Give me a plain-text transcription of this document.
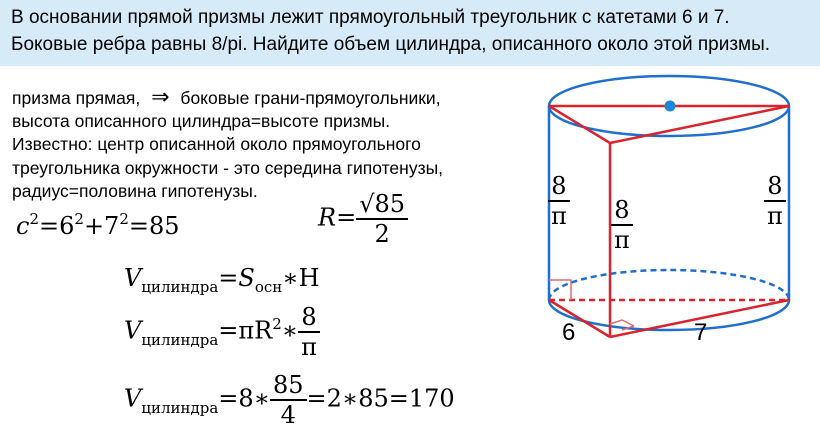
В основании прямой призмы лежит прямоугольный треугольник с катетами 6 и 7.
Боковые ребра равны 8/pi. Найдите объем цилиндра, описанного около этой призмы.
призма прямая, ⇒ боковые грани-прямоугольники,
высота описанного цилиндра=высоте призмы.
Известно: центр описанной около прямоугольного
треугольника окружности - это середина гипотенузы,
радиус=половина гипотенузы.
$c^2=6^2+7^2=85$	$R= \frac{√85}{2}$
$V_{цилиндра}=S_{осн}∗H$
$V_{цилиндра}=\pi R^2∗ \frac{8}{\pi}$
$V_{цилиндра}=8∗ \frac{85}{4}$ =2∗85=170
$\frac{8}{\pi} \frac{8}{\pi}$	$\frac{8}{\pi}$
6	7
